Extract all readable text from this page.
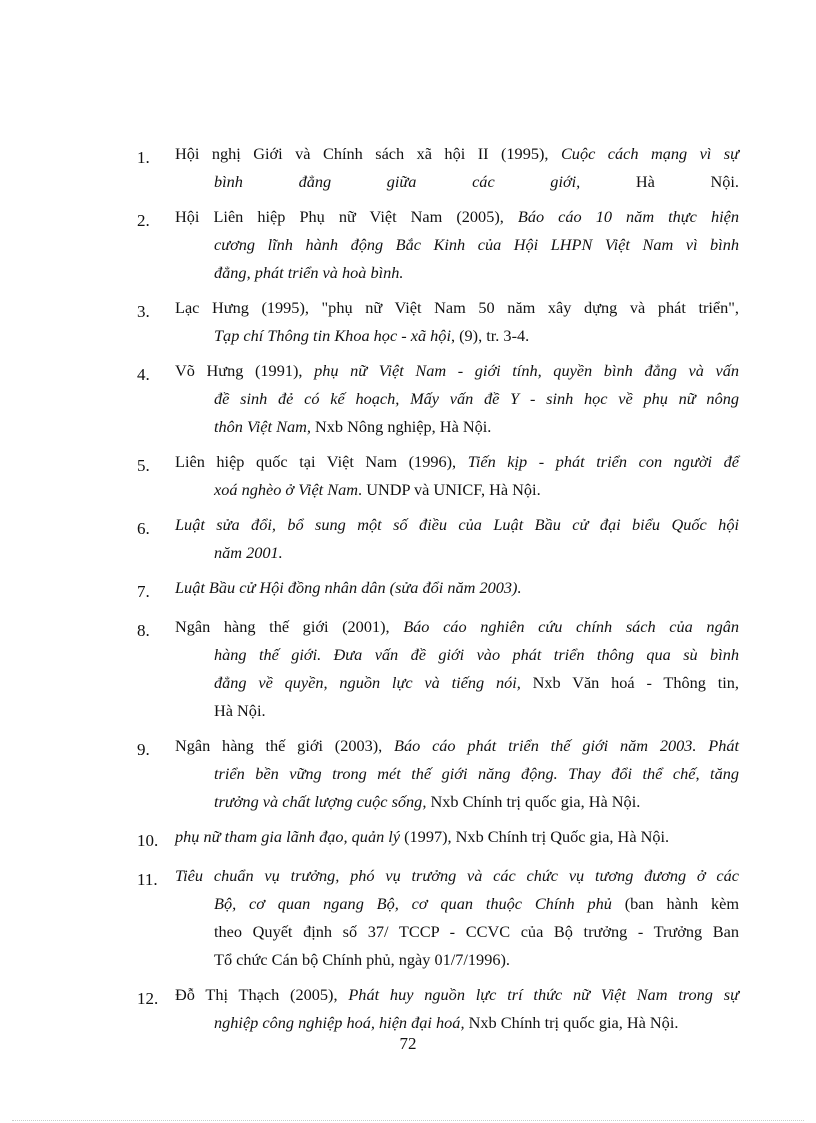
1.	Hội nghị Giới và Chính sách xã hội II (1995), Cuộc cách mạng vì sự
bình đẳng giữa các giới, Hà Nội.
2.	Hội Liên hiệp Phụ nữ Việt Nam (2005), Báo cáo 10 năm thực hiện
cương lĩnh hành động Bắc Kinh của Hội LHPN Việt Nam vì bình
đẳng, phát triển và hoà bình.
3.	Lạc Hưng (1995), "phụ nữ Việt Nam 50 năm xây dựng và phát triển",
Tạp chí Thông tin Khoa học - xã hội, (9), tr. 3-4.
4.	Võ Hưng (1991), phụ nữ Việt Nam - giới tính, quyền bình đẳng và vấn
đề sinh đẻ có kế hoạch, Mấy vấn đề Y - sinh học về phụ nữ nông
thôn Việt Nam, Nxb Nông nghiệp, Hà Nội.
5.	Liên hiệp quốc tại Việt Nam (1996), Tiến kịp - phát triển con người để
xoá nghèo ở Việt Nam. UNDP và UNICF, Hà Nội.
6.	Luật sửa đổi, bổ sung một số điều của Luật Bầu cử đại biểu Quốc hội
năm 2001.
7.	Luật Bầu cử Hội đồng nhân dân (sửa đổi năm 2003).
8.	Ngân hàng thế giới (2001), Báo cáo nghiên cứu chính sách của ngân
hàng thế giới. Đưa vấn đề giới vào phát triển thông qua sù bình
đẳng về quyền, nguồn lực và tiếng nói, Nxb Văn hoá - Thông tin,
Hà Nội.
9.	Ngân hàng thế giới (2003), Báo cáo phát triển thế giới năm 2003. Phát
triển bền vững trong mét thế giới năng động. Thay đổi thể chế, tăng
trưởng và chất lượng cuộc sống, Nxb Chính trị quốc gia, Hà Nội.
10.	phụ nữ tham gia lãnh đạo, quản lý (1997), Nxb Chính trị Quốc gia, Hà Nội.
11.	Tiêu chuẩn vụ trưởng, phó vụ trưởng và các chức vụ tương đương ở các
Bộ, cơ quan ngang Bộ, cơ quan thuộc Chính phủ (ban hành kèm
theo Quyết định số 37/ TCCP - CCVC của Bộ trưởng - Trưởng Ban
Tổ chức Cán bộ Chính phủ, ngày 01/7/1996).
12.	Đỗ Thị Thạch (2005), Phát huy nguồn lực trí thức nữ Việt Nam trong sự
nghiệp công nghiệp hoá, hiện đại hoá, Nxb Chính trị quốc gia, Hà Nội.
72
